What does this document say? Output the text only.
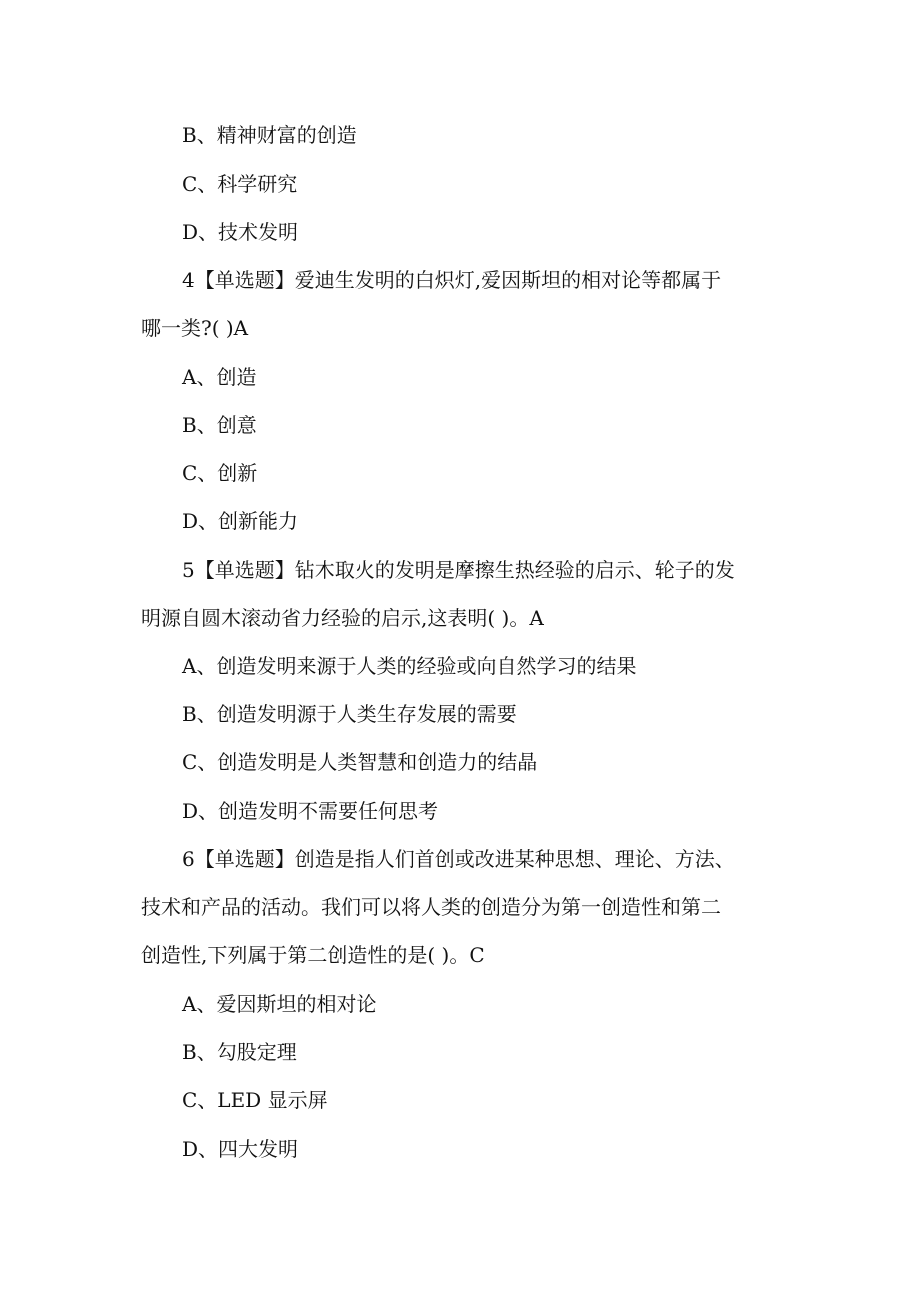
B、精神财富的创造
C、科学研究
D、技术发明
4【单选题】爱迪生发明的白炽灯,爱因斯坦的相对论等都属于
哪一类?( )A
A、创造
B、创意
C、创新
D、创新能力
5【单选题】钻木取火的发明是摩擦生热经验的启示、轮子的发
明源自圆木滚动省力经验的启示,这表明( )。A
A、创造发明来源于人类的经验或向自然学习的结果
B、创造发明源于人类生存发展的需要
C、创造发明是人类智慧和创造力的结晶
D、创造发明不需要任何思考
6【单选题】创造是指人们首创或改进某种思想、理论、方法、
技术和产品的活动。我们可以将人类的创造分为第一创造性和第二
创造性,下列属于第二创造性的是( )。C
A、爱因斯坦的相对论
B、勾股定理
C、LED 显示屏
D、四大发明
